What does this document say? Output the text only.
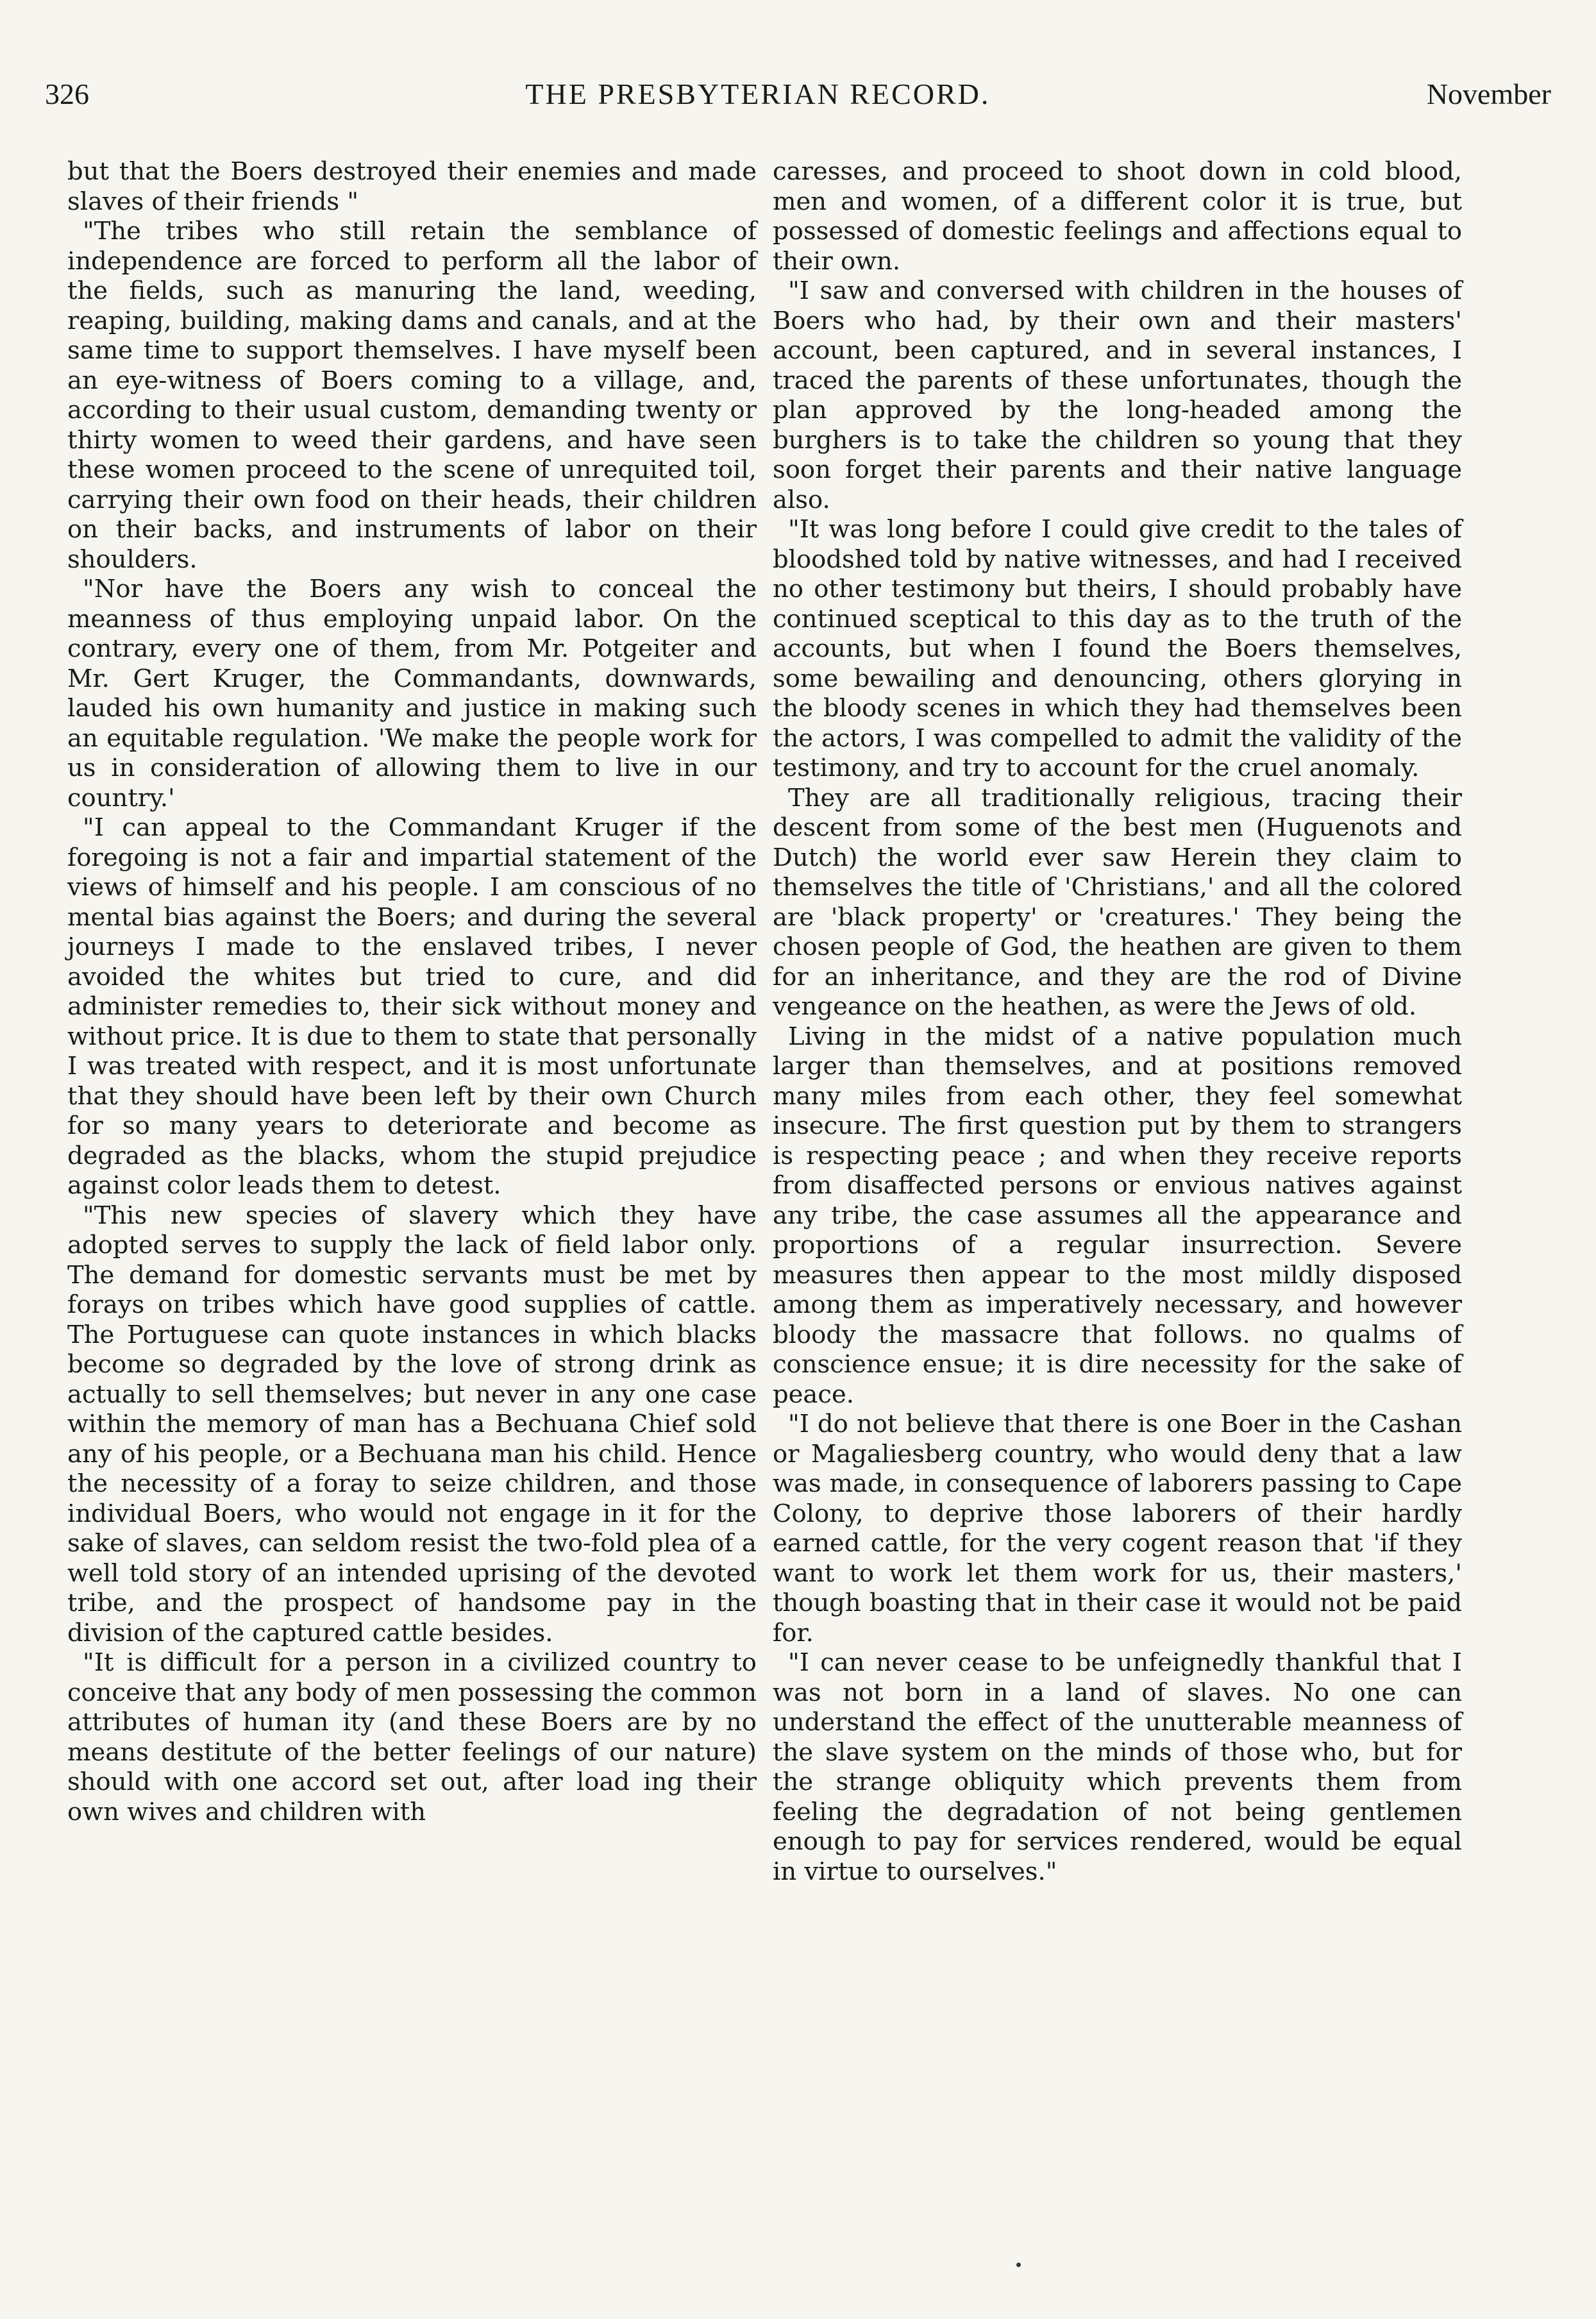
326	THE PRESBYTERIAN RECORD.	November

but that the Boers destroyed their enemies and made slaves of their friends "

"The tribes who still retain the semblance of independence are forced to perform all the labor of the fields, such as manuring the land, weeding, reaping, building, making dams and canals, and at the same time to support themselves. I have myself been an eye-witness of Boers coming to a village, and, according to their usual custom, demanding twenty or thirty women to weed their gardens, and have seen these women proceed to the scene of unrequited toil, carrying their own food on their heads, their children on their backs, and instruments of labor on their shoulders.

"Nor have the Boers any wish to conceal the meanness of thus employing unpaid labor. On the contrary, every one of them, from Mr. Potgeiter and Mr. Gert Kruger, the Commandants, downwards, lauded his own humanity and justice in making such an equitable regulation. 'We make the people work for us in consideration of allowing them to live in our country.'

"I can appeal to the Commandant Kruger if the foregoing is not a fair and impartial statement of the views of himself and his people. I am conscious of no mental bias against the Boers; and during the several journeys I made to the enslaved tribes, I never avoided the whites but tried to cure, and did administer remedies to, their sick without money and without price. It is due to them to state that personally I was treated with respect, and it is most unfortunate that they should have been left by their own Church for so many years to deteriorate and become as degraded as the blacks, whom the stupid prejudice against color leads them to detest.

"This new species of slavery which they have adopted serves to supply the lack of field labor only. The demand for domestic servants must be met by forays on tribes which have good supplies of cattle. The Portuguese can quote instances in which blacks become so degraded by the love of strong drink as actually to sell themselves; but never in any one case within the memory of man has a Bechuana Chief sold any of his people, or a Bechuana man his child. Hence the necessity of a foray to seize children, and those individual Boers, who would not engage in it for the sake of slaves, can seldom resist the two-fold plea of a well told story of an intended uprising of the devoted tribe, and the prospect of handsome pay in the division of the captured cattle besides.

"It is difficult for a person in a civilized country to conceive that any body of men possessing the common attributes of human ity (and these Boers are by no means destitute of the better feelings of our nature) should with one accord set out, after load ing their own wives and children with

caresses, and proceed to shoot down in cold blood, men and women, of a different color it is true, but possessed of domestic feelings and affections equal to their own.

"I saw and conversed with children in the houses of Boers who had, by their own and their masters' account, been captured, and in several instances, I traced the parents of these unfortunates, though the plan approved by the long-headed among the burghers is to take the children so young that they soon forget their parents and their native language also.

"It was long before I could give credit to the tales of bloodshed told by native witnesses, and had I received no other testimony but theirs, I should probably have continued sceptical to this day as to the truth of the accounts, but when I found the Boers themselves, some bewailing and denouncing, others glorying in the bloody scenes in which they had themselves been the actors, I was compelled to admit the validity of the testimony, and try to account for the cruel anomaly.

They are all traditionally religious, tracing their descent from some of the best men (Huguenots and Dutch) the world ever saw Herein they claim to themselves the title of 'Christians,' and all the colored are 'black property' or 'creatures.' They being the chosen people of God, the heathen are given to them for an inheritance, and they are the rod of Divine vengeance on the heathen, as were the Jews of old.

Living in the midst of a native population much larger than themselves, and at positions removed many miles from each other, they feel somewhat insecure. The first question put by them to strangers is respecting peace ; and when they receive reports from disaffected persons or envious natives against any tribe, the case assumes all the appearance and proportions of a regular insurrection. Severe measures then appear to the most mildly disposed among them as imperatively necessary, and however bloody the massacre that follows. no qualms of conscience ensue; it is dire necessity for the sake of peace.

"I do not believe that there is one Boer in the Cashan or Magaliesberg country, who would deny that a law was made, in consequence of laborers passing to Cape Colony, to deprive those laborers of their hardly earned cattle, for the very cogent reason that 'if they want to work let them work for us, their masters,' though boasting that in their case it would not be paid for.

"I can never cease to be unfeignedly thankful that I was not born in a land of slaves. No one can understand the effect of the unutterable meanness of the slave system on the minds of those who, but for the strange obliquity which prevents them from feeling the degradation of not being gentlemen enough to pay for services rendered, would be equal in virtue to ourselves."
